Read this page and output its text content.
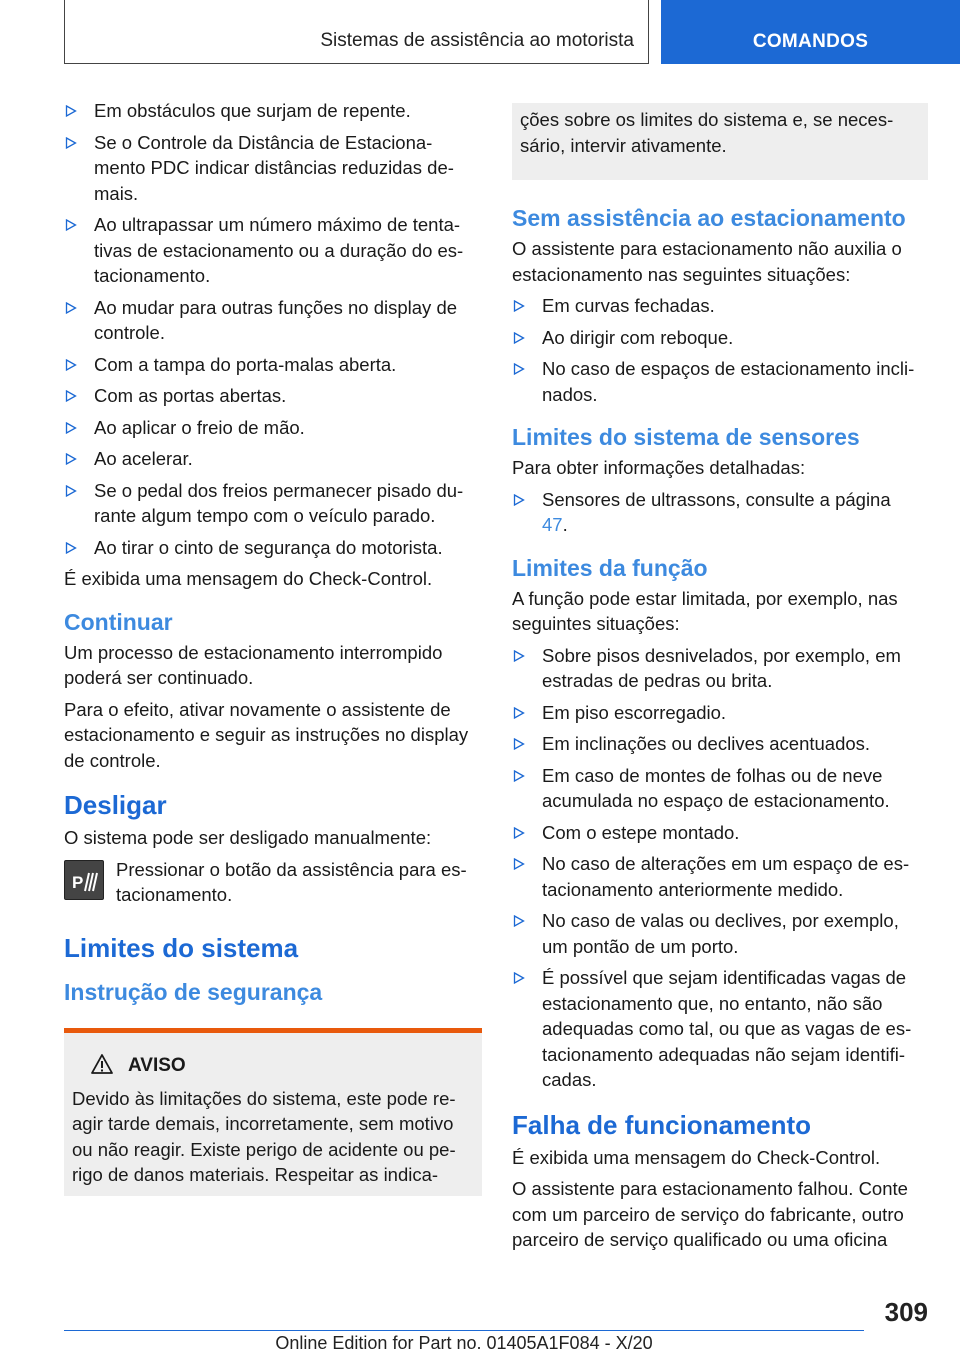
Sistemas de assistência ao motorista	COMANDOS
Em obstáculos que surjam de repente.
Se o Controle da Distância de Estaciona-
mento PDC indicar distâncias reduzidas de-
mais.
Ao ultrapassar um número máximo de tenta-
tivas de estacionamento ou a duração do es-
tacionamento.
Ao mudar para outras funções no display de
controle.
Com a tampa do porta-malas aberta.
Com as portas abertas.
Ao aplicar o freio de mão.
Ao acelerar.
Se o pedal dos freios permanecer pisado du-
rante algum tempo com o veículo parado.
Ao tirar o cinto de segurança do motorista.
É exibida uma mensagem do Check-Control.
Continuar
Um processo de estacionamento interrompido
poderá ser continuado.
Para o efeito, ativar novamente o assistente de
estacionamento e seguir as instruções no display
de controle.
Desligar
O sistema pode ser desligado manualmente:
P
Pressionar o botão da assistência para es-
tacionamento.
Limites do sistema
Instrução de segurança
AVISO
Devido às limitações do sistema, este pode re-
agir tarde demais, incorretamente, sem motivo
ou não reagir. Existe perigo de acidente ou pe-
rigo de danos materiais. Respeitar as indica-
ções sobre os limites do sistema e, se neces-
sário, intervir ativamente.
Sem assistência ao estacionamento
O assistente para estacionamento não auxilia o
estacionamento nas seguintes situações:
Em curvas fechadas.
Ao dirigir com reboque.
No caso de espaços de estacionamento incli-
nados.
Limites do sistema de sensores
Para obter informações detalhadas:
Sensores de ultrassons, consulte a página
47.
Limites da função
A função pode estar limitada, por exemplo, nas
seguintes situações:
Sobre pisos desnivelados, por exemplo, em
estradas de pedras ou brita.
Em piso escorregadio.
Em inclinações ou declives acentuados.
Em caso de montes de folhas ou de neve
acumulada no espaço de estacionamento.
Com o estepe montado.
No caso de alterações em um espaço de es-
tacionamento anteriormente medido.
No caso de valas ou declives, por exemplo,
um pontão de um porto.
É possível que sejam identificadas vagas de
estacionamento que, no entanto, não são
adequadas como tal, ou que as vagas de es-
tacionamento adequadas não sejam identifi-
cadas.
Falha de funcionamento
É exibida uma mensagem do Check-Control.
O assistente para estacionamento falhou. Conte
com um parceiro de serviço do fabricante, outro
parceiro de serviço qualificado ou uma oficina
309
Online Edition for Part no. 01405A1F084 - X/20
